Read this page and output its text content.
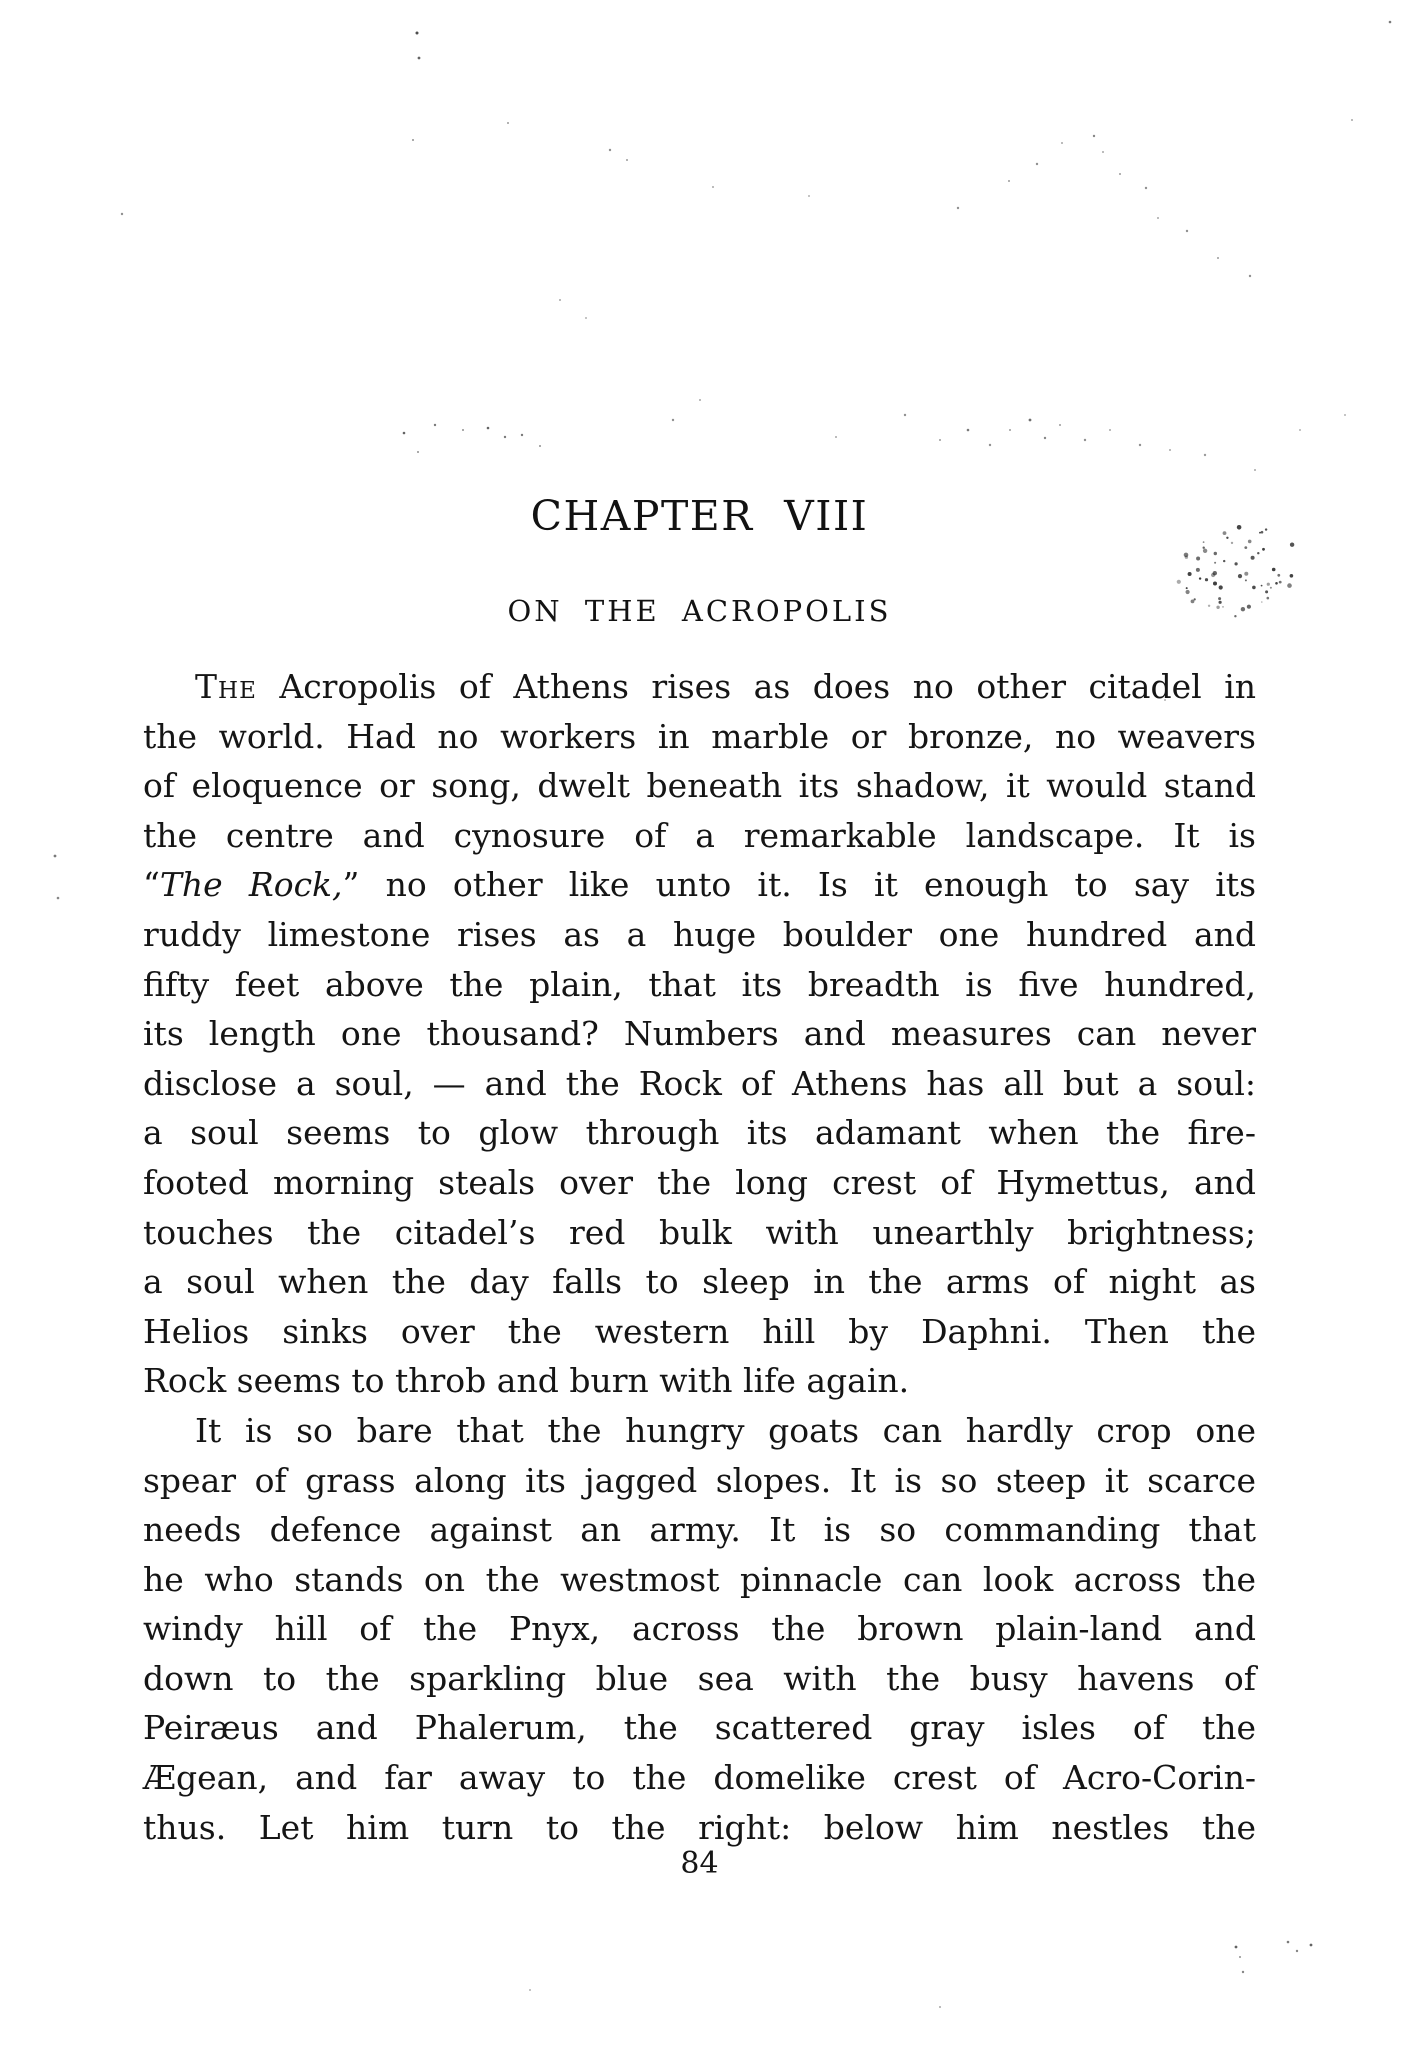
CHAPTER VIII
ON THE ACROPOLIS
The Acropolis of Athens rises as does no other citadel in
the world. Had no workers in marble or bronze, no weavers
of eloquence or song, dwelt beneath its shadow, it would stand
the centre and cynosure of a remarkable landscape. It is
“The Rock,” no other like unto it. Is it enough to say its
ruddy limestone rises as a huge boulder one hundred and
fifty feet above the plain, that its breadth is five hundred,
its length one thousand? Numbers and measures can never
disclose a soul, — and the Rock of Athens has all but a soul:
a soul seems to glow through its adamant when the fire-
footed morning steals over the long crest of Hymettus, and
touches the citadel’s red bulk with unearthly brightness;
a soul when the day falls to sleep in the arms of night as
Helios sinks over the western hill by Daphni. Then the
Rock seems to throb and burn with life again.
It is so bare that the hungry goats can hardly crop one
spear of grass along its jagged slopes. It is so steep it scarce
needs defence against an army. It is so commanding that
he who stands on the westmost pinnacle can look across the
windy hill of the Pnyx, across the brown plain-land and
down to the sparkling blue sea with the busy havens of
Peiræus and Phalerum, the scattered gray isles of the
Ægean, and far away to the domelike crest of Acro-Corin-
thus. Let him turn to the right: below him nestles the
84
